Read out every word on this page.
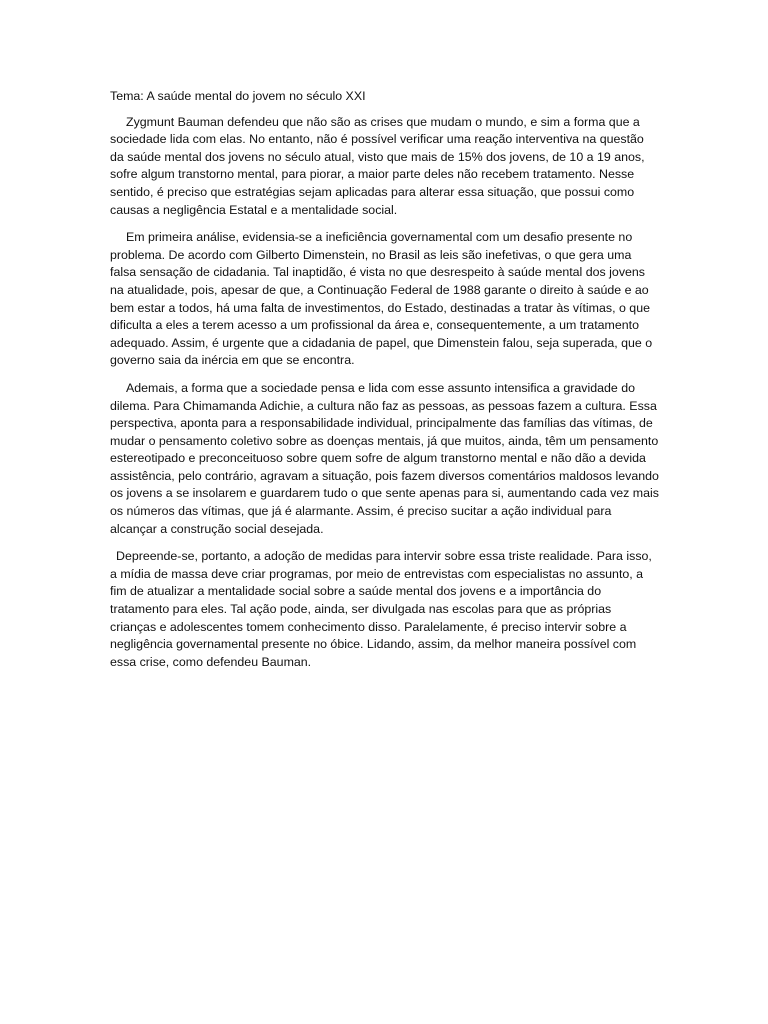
Tema: A saúde mental do jovem no século XXI

Zygmunt Bauman defendeu que não são as crises que mudam o mundo, e sim a forma que a sociedade lida com elas. No entanto, não é possível verificar uma reação interventiva na questão da saúde mental dos jovens no século atual, visto que mais de 15% dos jovens, de 10 a 19 anos, sofre algum transtorno mental, para piorar, a maior parte deles não recebem tratamento. Nesse sentido, é preciso que estratégias sejam aplicadas para alterar essa situação, que possui como causas a negligência Estatal e a mentalidade social.

Em primeira análise, evidensia-se a ineficiência governamental com um desafio presente no problema. De acordo com Gilberto Dimenstein, no Brasil as leis são inefetivas, o que gera uma falsa sensação de cidadania. Tal inaptidão, é vista no que desrespeito à saúde mental dos jovens na atualidade, pois, apesar de que, a Continuação Federal de 1988 garante o direito à saúde e ao bem estar a todos, há uma falta de investimentos, do Estado, destinadas a tratar às vítimas, o que dificulta a eles a terem acesso a um profissional da área e, consequentemente, a um tratamento adequado. Assim, é urgente que a cidadania de papel, que Dimenstein falou, seja superada, que o governo saia da inércia em que se encontra.

Ademais, a forma que a sociedade pensa e lida com esse assunto intensifica a gravidade do dilema. Para Chimamanda Adichie, a cultura não faz as pessoas, as pessoas fazem a cultura. Essa perspectiva, aponta para a responsabilidade individual, principalmente das famílias das vítimas, de mudar o pensamento coletivo sobre as doenças mentais, já que muitos, ainda, têm um pensamento estereotipado e preconceituoso sobre quem sofre de algum transtorno mental e não dão a devida assistência, pelo contrário, agravam a situação, pois fazem diversos comentários maldosos levando os jovens a se insolarem e guardarem tudo o que sente apenas para si, aumentando cada vez mais os números das vítimas, que já é alarmante. Assim, é preciso sucitar a ação individual para alcançar a construção social desejada.

Depreende-se, portanto, a adoção de medidas para intervir sobre essa triste realidade. Para isso, a mídia de massa deve criar programas, por meio de entrevistas com especialistas no assunto, a fim de atualizar a mentalidade social sobre a saúde mental dos jovens e a importância do tratamento para eles. Tal ação pode, ainda, ser divulgada nas escolas para que as próprias crianças e adolescentes tomem conhecimento disso. Paralelamente, é preciso intervir sobre a negligência governamental presente no óbice. Lidando, assim, da melhor maneira possível com essa crise, como defendeu Bauman.
